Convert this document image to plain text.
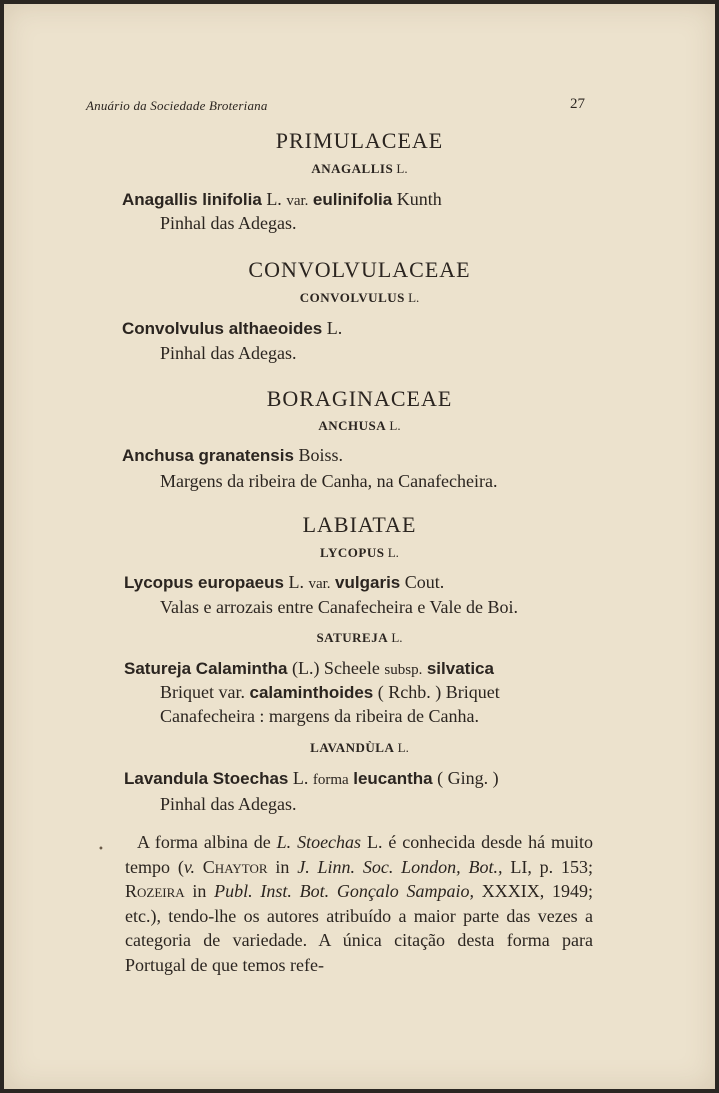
Anuário da Sociedade Broteriana	27
PRIMULACEAE
ANAGALLIS L.
Anagallis linifolia L. var. eulinifolia Kunth
Pinhal das Adegas.
CONVOLVULACEAE
CONVOLVULUS L.
Convolvulus althaeoides L.
Pinhal das Adegas.
BORAGINACEAE
ANCHUSA L.
Anchusa granatensis Boiss.
Margens da ribeira de Canha, na Canafecheira.
LABIATAE
LYCOPUS L.
Lycopus europaeus L. var. vulgaris Cout.
Valas e arrozais entre Canafecheira e Vale de Boi.
SATUREJA L.
Satureja Calamintha (L.) Scheele subsp. silvatica
Briquet var. calaminthoides ( Rchb. ) Briquet
Canafecheira : margens da ribeira de Canha.
LAVANDÙLA L.
Lavandula Stoechas L. forma leucantha ( Ging. )
Pinhal das Adegas.
•	A forma albina de L. Stoechas L. é conhecida desde há muito tempo (v. Chaytor in J. Linn. Soc. London, Bot., LI, p. 153; Rozeira in Publ. Inst. Bot. Gonçalo Sampaio, XXXIX, 1949; etc.), tendo-lhe os autores atribuído a maior parte das vezes a categoria de variedade. A única citação desta forma para Portugal de que temos refe-
